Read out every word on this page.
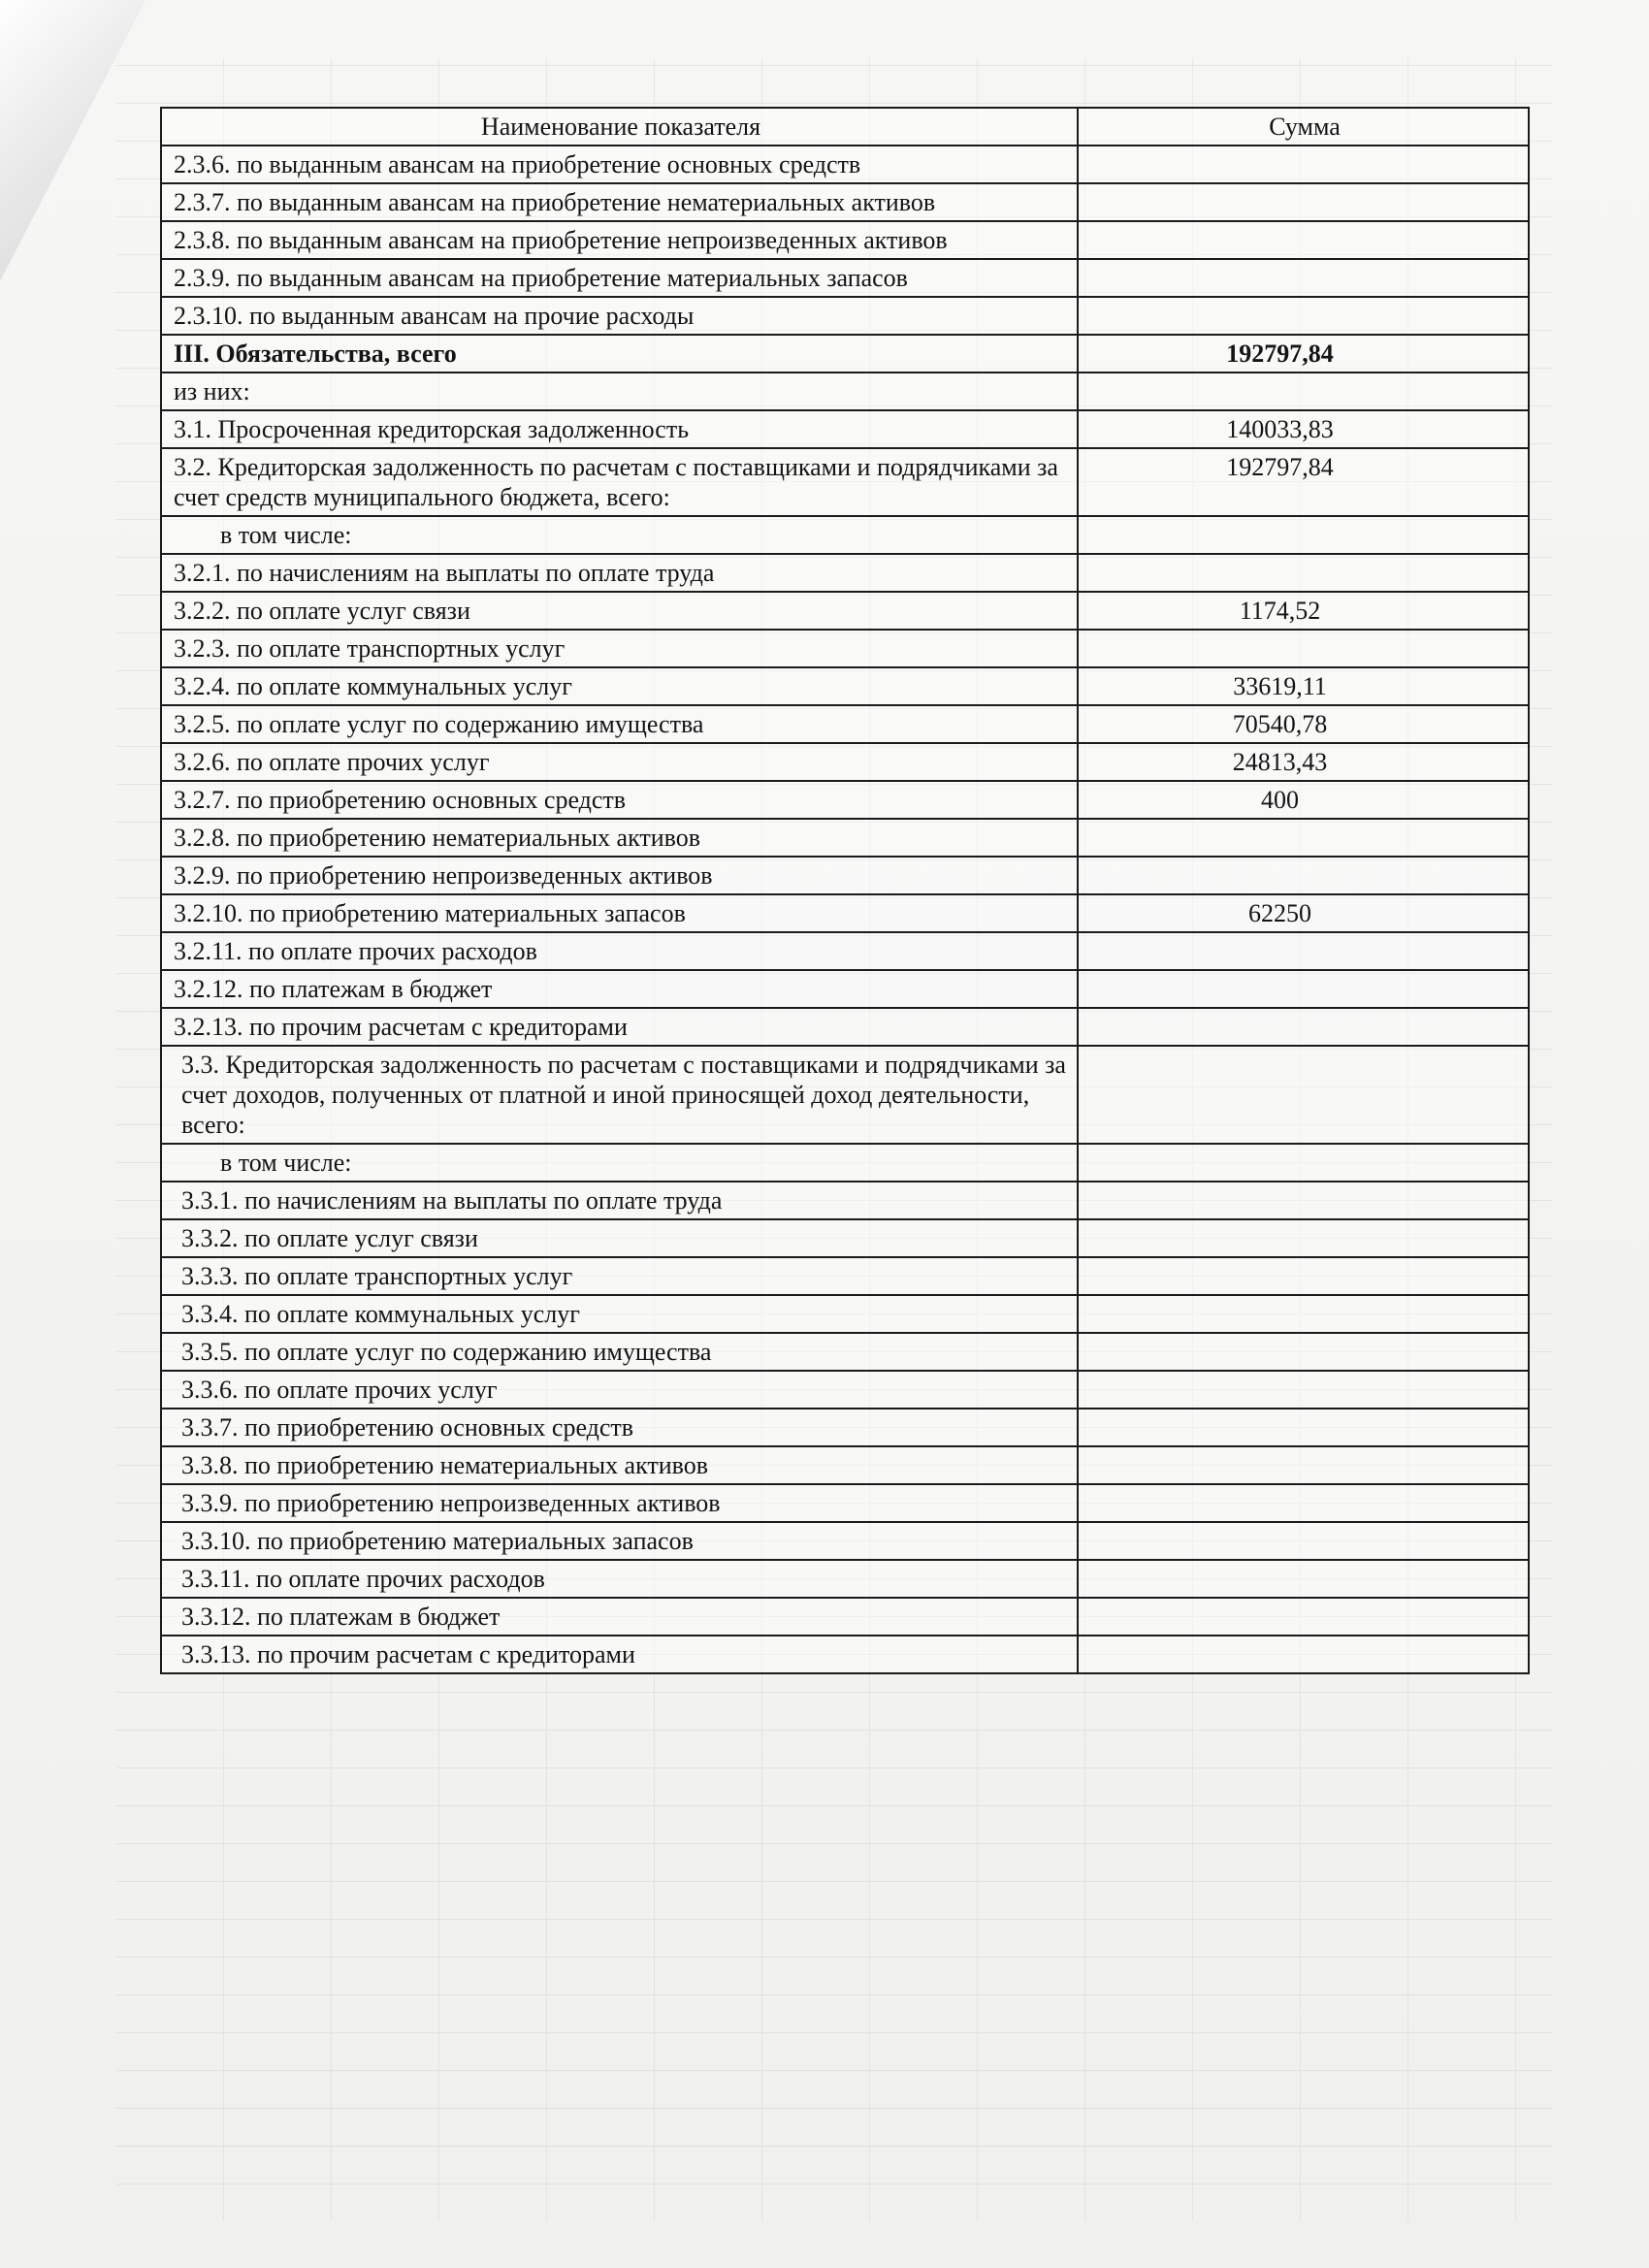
Наименование показателя	Сумма
2.3.6. по выданным авансам на приобретение основных средств	
2.3.7. по выданным авансам на приобретение нематериальных активов	
2.3.8. по выданным авансам на приобретение непроизведенных активов	
2.3.9. по выданным авансам на приобретение материальных запасов	
2.3.10. по выданным авансам на прочие расходы	
III. Обязательства, всего	192797,84
из них:	
3.1. Просроченная кредиторская задолженность	140033,83
3.2. Кредиторская задолженность по расчетам с поставщиками и подрядчиками за счет средств муниципального бюджета, всего:	192797,84
в том числе:	
3.2.1. по начислениям на выплаты по оплате труда	
3.2.2. по оплате услуг связи	1174,52
3.2.3. по оплате транспортных услуг	
3.2.4. по оплате коммунальных услуг	33619,11
3.2.5. по оплате услуг по содержанию имущества	70540,78
3.2.6. по оплате прочих услуг	24813,43
3.2.7. по приобретению основных средств	400
3.2.8. по приобретению нематериальных активов	
3.2.9. по приобретению непроизведенных активов	
3.2.10. по приобретению материальных запасов	62250
3.2.11. по оплате прочих расходов	
3.2.12. по платежам в бюджет	
3.2.13. по прочим расчетам с кредиторами	
3.3. Кредиторская задолженность по расчетам с поставщиками и подрядчиками за счет доходов, полученных от платной и иной приносящей доход деятельности, всего:	
в том числе:	
3.3.1. по начислениям на выплаты по оплате труда	
3.3.2. по оплате услуг связи	
3.3.3. по оплате транспортных услуг	
3.3.4. по оплате коммунальных услуг	
3.3.5. по оплате услуг по содержанию имущества	
3.3.6. по оплате прочих услуг	
3.3.7. по приобретению основных средств	
3.3.8. по приобретению нематериальных активов	
3.3.9. по приобретению непроизведенных активов	
3.3.10. по приобретению материальных запасов	
3.3.11. по оплате прочих расходов	
3.3.12. по платежам в бюджет	
3.3.13. по прочим расчетам с кредиторами	
